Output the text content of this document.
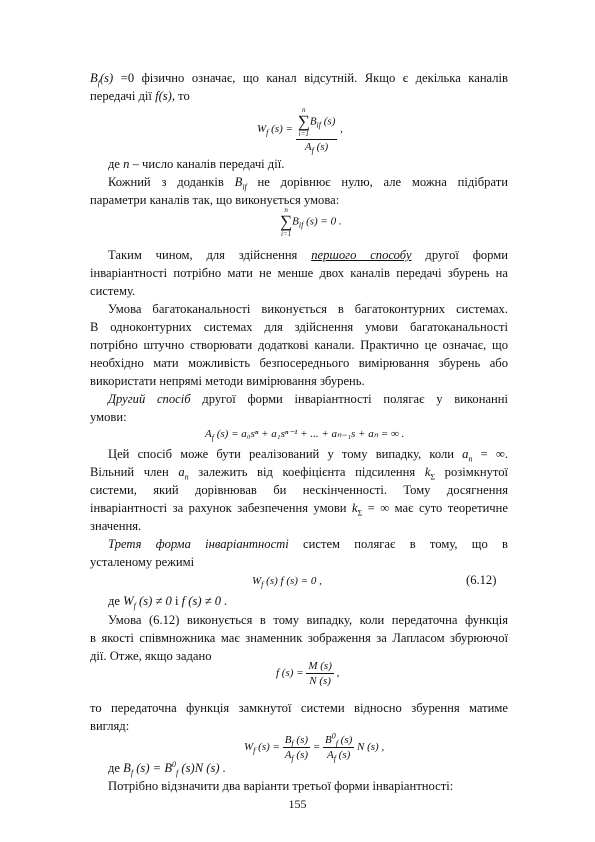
$B_f(s) =0$ фізично означає, що канал відсутній. Якщо є декілька каналів
передачі дії f(s), то
$W_f$ (s) = n
∑
$i=1B_{if}$ (s)
$A_f$ (s) ,
де n – число каналів передачі дії.
Кожний з доданків $B_{if}$ не дорівнює нулю, але можна підібрати
параметри каналів так, що виконується умова:
n
∑
$i=1B_{if}$ (s) = 0 .
Таким чином, для здійснення першого способу другої форми
інваріантності потрібно мати не менше двох каналів передачі збурень на
систему.
Умова багатоканальності виконується в багатоконтурних системах.
В одноконтурних системах для здійснення умови багатоканальності
потрібно штучно створювати додаткові канали. Практично це означає, що
необхідно мати можливість безпосереднього вимірювання збурень або
використати непрямі методи вимірювання збурень.
Другий спосіб другої форми інваріантності полягає у виконанні
умови:
$A_f$ (s) = a₀sⁿ + a₁sⁿ⁻¹ + ... + aₙ₋₁s + aₙ = ∞ .
Цей спосіб може бути реалізований у тому випадку, коли $a_n$ = ∞.
Вільний член $a_n$ залежить від коефіцієнта підсилення $k_\Sigma$ розімкнутої
системи, який дорівнював би нескінченності. Тому досягнення
інваріантності за рахунок забезпечення умови $k_\Sigma$ = ∞ має суто теоретичне
значення.
Третя форма інваріантності систем полягає в тому, що в
усталеному режимі
$W_f$ (s) f (s) = 0 ,	(6.12)
де $W_f$ (s) ≠ 0 і f (s) ≠ 0 .
Умова (6.12) виконується в тому випадку, коли передаточна функція
в якості співмножника має знаменник зображення за Лапласом збурюючої
дії. Отже, якщо задано
f $(s) = \frac{M (s)}{N (s)}$ ,
то передаточна функція замкнутої системи відносно збурення матиме
вигляд:
$W_f$ $(s) = \frac{B_f (s)}{A_f (s)} = \frac{B^0_f (s)}{A_f (s)}$ N (s) ,
де $B_f$ $(s) = B^0_f$ (s)N (s) .
Потрібно відзначити два варіанти третьої форми інваріантності:
155
